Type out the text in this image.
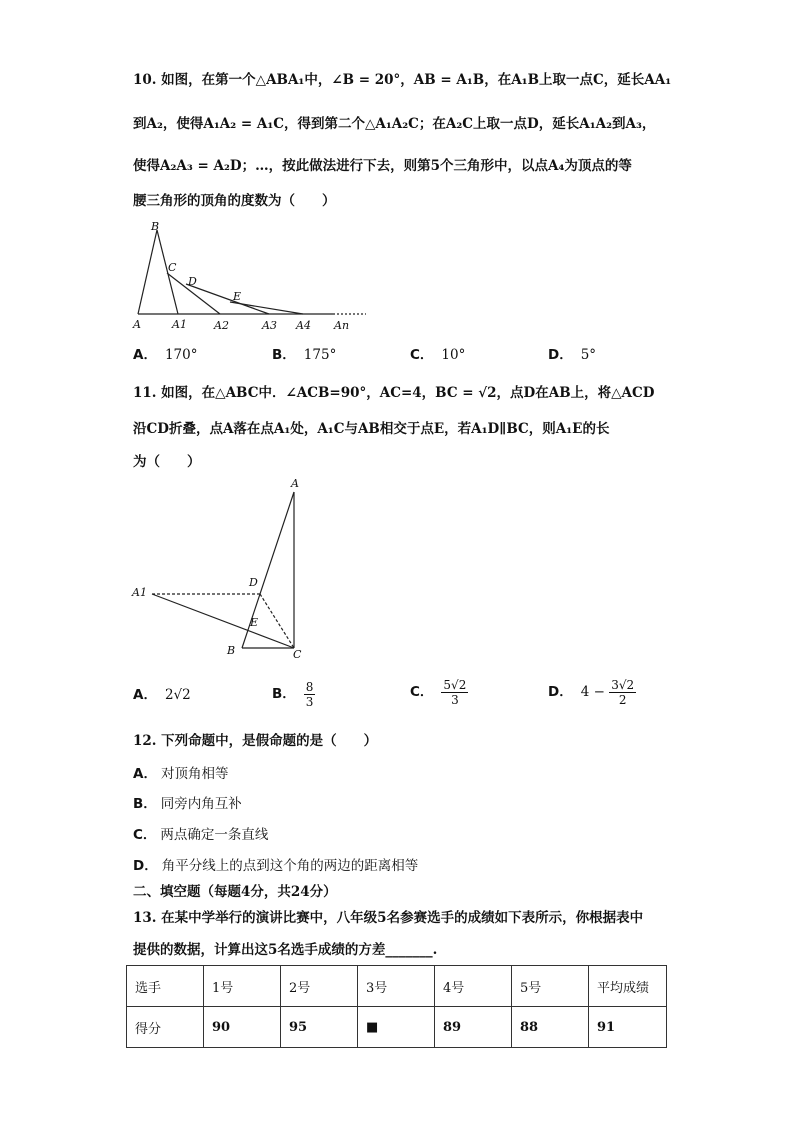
10. 如图，在第一个△ABA₁中，∠B = 20°，AB = A₁B，在A₁B上取一点C，延长AA₁
到A₂，使得A₁A₂ = A₁C，得到第二个△A₁A₂C；在A₂C上取一点D，延长A₁A₂到A₃，
使得A₂A₃ = A₂D；…，按此做法进行下去，则第5个三角形中，以点A₄为顶点的等
腰三角形的顶角的度数为（　　）
B
C
D
E
A	A1 A2	A3 A4 An
A． 170°	B． 175°	C． 10°	D． 5°
11. 如图，在△ABC中．∠ACB=90°，AC=4，BC = √2，点D在AB上，将△ACD
沿CD折叠，点A落在点A₁处，A₁C与AB相交于点E，若A₁D∥BC，则A₁E的长
为（　　）
A
A1
D
E
B	C
A． 2√2	B． $\frac{8}{3}$	C． $\frac{5√2}{3}$	D． $4 - \frac{3√2}{2}$
12. 下列命题中，是假命题的是（　　）
A． 对顶角相等
B． 同旁内角互补
C． 两点确定一条直线
D． 角平分线上的点到这个角的两边的距离相等
二、填空题（每题4分，共24分）
13. 在某中学举行的演讲比赛中，八年级5名参赛选手的成绩如下表所示，你根据表中
提供的数据，计算出这5名选手成绩的方差_______.
选手	1号	2号	3号	4号	5号	平均成绩
得分	90	95	■	89	88	91
